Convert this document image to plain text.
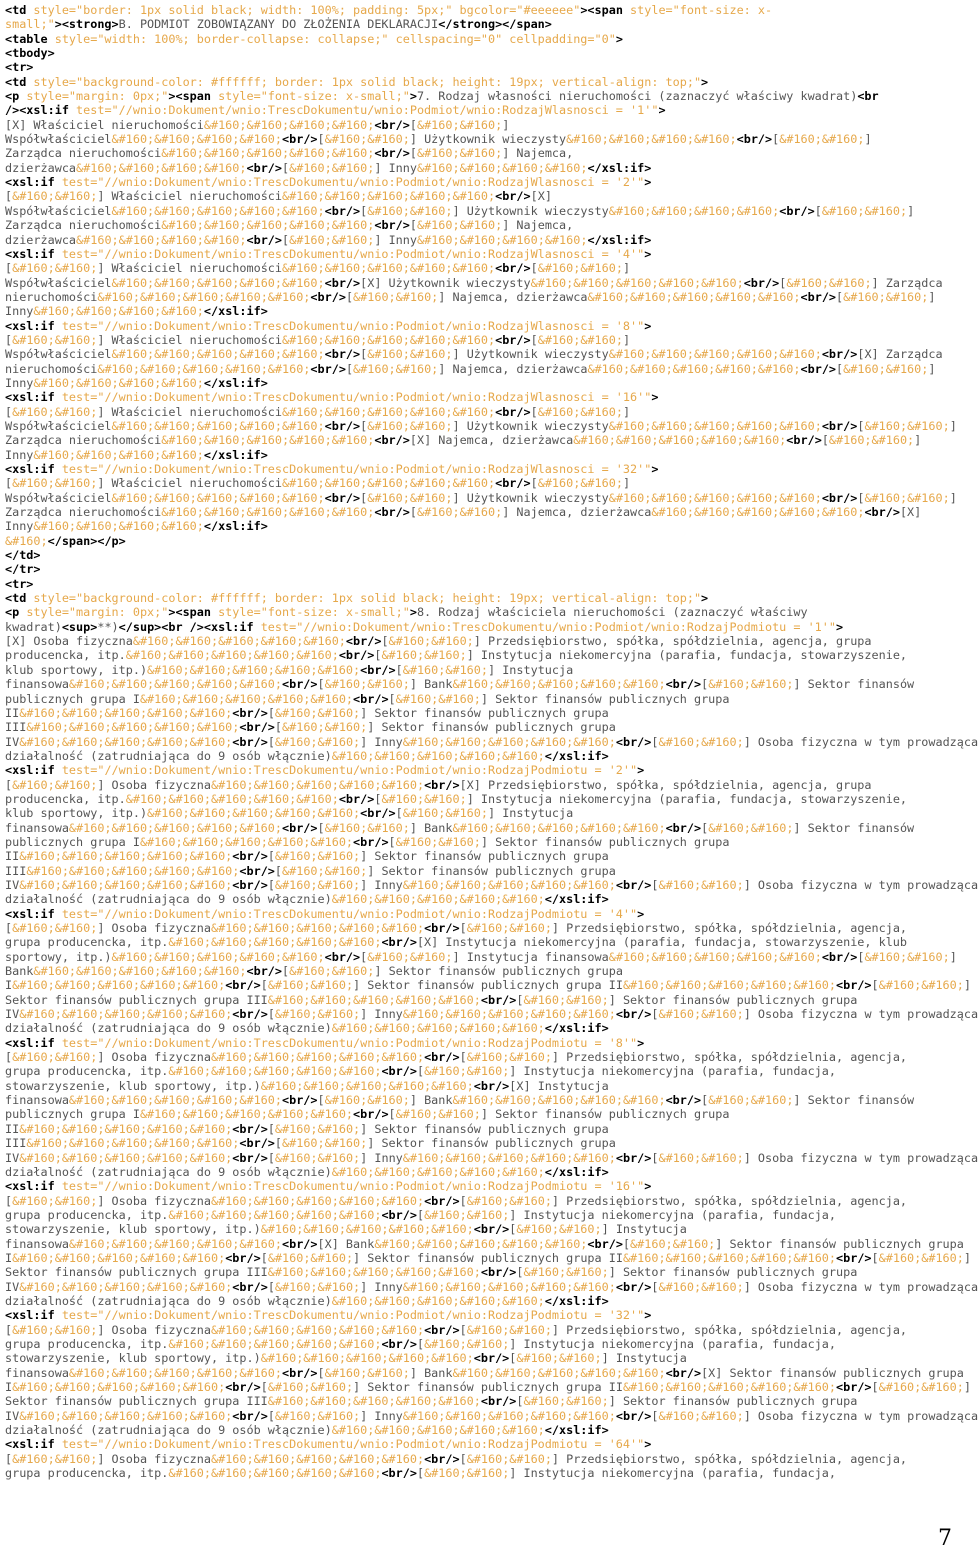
<td style="border: 1px solid black; width: 100%; padding: 5px;" bgcolor="#eeeeee"><span style="font-size: x-
small;"><strong>B. PODMIOT ZOBOWIĄZANY DO ZŁOŻENIA DEKLARACJI</strong></span>
<table style="width: 100%; border-collapse: collapse;" cellspacing="0" cellpadding="0">
<tbody>
<tr>
<td style="background-color: #ffffff; border: 1px solid black; height: 19px; vertical-align: top;">
<p style="margin: 0px;"><span style="font-size: x-small;">7. Rodzaj własności nieruchomości (zaznaczyć właściwy kwadrat)<br
/><xsl:if test="//wnio:Dokument/wnio:TrescDokumentu/wnio:Podmiot/wnio:RodzajWlasnosci = '1'">
[X] Właściciel nieruchomości&#160;&#160;&#160;&#160;<br/>[&#160;&#160;]
Współwłaściciel&#160;&#160;&#160;&#160;<br/>[&#160;&#160;] Użytkownik wieczysty&#160;&#160;&#160;&#160;<br/>[&#160;&#160;]
Zarządca nieruchomości&#160;&#160;&#160;&#160;&#160;<br/>[&#160;&#160;] Najemca,
dzierżawca&#160;&#160;&#160;&#160;<br/>[&#160;&#160;] Inny&#160;&#160;&#160;&#160;</xsl:if>
<xsl:if test="//wnio:Dokument/wnio:TrescDokumentu/wnio:Podmiot/wnio:RodzajWlasnosci = '2'">
[&#160;&#160;] Właściciel nieruchomości&#160;&#160;&#160;&#160;&#160;<br/>[X]
Współwłaściciel&#160;&#160;&#160;&#160;&#160;<br/>[&#160;&#160;] Użytkownik wieczysty&#160;&#160;&#160;&#160;<br/>[&#160;&#160;]
Zarządca nieruchomości&#160;&#160;&#160;&#160;&#160;<br/>[&#160;&#160;] Najemca,
dzierżawca&#160;&#160;&#160;&#160;<br/>[&#160;&#160;] Inny&#160;&#160;&#160;&#160;</xsl:if>
<xsl:if test="//wnio:Dokument/wnio:TrescDokumentu/wnio:Podmiot/wnio:RodzajWlasnosci = '4'">
[&#160;&#160;] Właściciel nieruchomości&#160;&#160;&#160;&#160;&#160;<br/>[&#160;&#160;]
Współwłaściciel&#160;&#160;&#160;&#160;&#160;<br/>[X] Użytkownik wieczysty&#160;&#160;&#160;&#160;&#160;<br/>[&#160;&#160;] Zarządca
nieruchomości&#160;&#160;&#160;&#160;&#160;<br/>[&#160;&#160;] Najemca, dzierżawca&#160;&#160;&#160;&#160;&#160;<br/>[&#160;&#160;]
Inny&#160;&#160;&#160;&#160;</xsl:if>
<xsl:if test="//wnio:Dokument/wnio:TrescDokumentu/wnio:Podmiot/wnio:RodzajWlasnosci = '8'">
[&#160;&#160;] Właściciel nieruchomości&#160;&#160;&#160;&#160;&#160;<br/>[&#160;&#160;]
Współwłaściciel&#160;&#160;&#160;&#160;&#160;<br/>[&#160;&#160;] Użytkownik wieczysty&#160;&#160;&#160;&#160;&#160;<br/>[X] Zarządca
nieruchomości&#160;&#160;&#160;&#160;&#160;<br/>[&#160;&#160;] Najemca, dzierżawca&#160;&#160;&#160;&#160;&#160;<br/>[&#160;&#160;]
Inny&#160;&#160;&#160;&#160;</xsl:if>
<xsl:if test="//wnio:Dokument/wnio:TrescDokumentu/wnio:Podmiot/wnio:RodzajWlasnosci = '16'">
[&#160;&#160;] Właściciel nieruchomości&#160;&#160;&#160;&#160;&#160;<br/>[&#160;&#160;]
Współwłaściciel&#160;&#160;&#160;&#160;&#160;<br/>[&#160;&#160;] Użytkownik wieczysty&#160;&#160;&#160;&#160;&#160;<br/>[&#160;&#160;]
Zarządca nieruchomości&#160;&#160;&#160;&#160;&#160;<br/>[X] Najemca, dzierżawca&#160;&#160;&#160;&#160;&#160;<br/>[&#160;&#160;]
Inny&#160;&#160;&#160;&#160;</xsl:if>
<xsl:if test="//wnio:Dokument/wnio:TrescDokumentu/wnio:Podmiot/wnio:RodzajWlasnosci = '32'">
[&#160;&#160;] Właściciel nieruchomości&#160;&#160;&#160;&#160;&#160;<br/>[&#160;&#160;]
Współwłaściciel&#160;&#160;&#160;&#160;&#160;<br/>[&#160;&#160;] Użytkownik wieczysty&#160;&#160;&#160;&#160;&#160;<br/>[&#160;&#160;]
Zarządca nieruchomości&#160;&#160;&#160;&#160;&#160;<br/>[&#160;&#160;] Najemca, dzierżawca&#160;&#160;&#160;&#160;&#160;<br/>[X]
Inny&#160;&#160;&#160;&#160;</xsl:if>
&#160;</span></p>
</td>
</tr>
<tr>
<td style="background-color: #ffffff; border: 1px solid black; height: 19px; vertical-align: top;">
<p style="margin: 0px;"><span style="font-size: x-small;">8. Rodzaj właściciela nieruchomości (zaznaczyć właściwy
kwadrat)<sup>**)</sup><br /><xsl:if test="//wnio:Dokument/wnio:TrescDokumentu/wnio:Podmiot/wnio:RodzajPodmiotu = '1'">
[X] Osoba fizyczna&#160;&#160;&#160;&#160;&#160;<br/>[&#160;&#160;] Przedsiębiorstwo, spółka, spółdzielnia, agencja, grupa
producencka, itp.&#160;&#160;&#160;&#160;&#160;<br/>[&#160;&#160;] Instytucja niekomercyjna (parafia, fundacja, stowarzyszenie,
klub sportowy, itp.)&#160;&#160;&#160;&#160;&#160;<br/>[&#160;&#160;] Instytucja
finansowa&#160;&#160;&#160;&#160;&#160;<br/>[&#160;&#160;] Bank&#160;&#160;&#160;&#160;&#160;<br/>[&#160;&#160;] Sektor finansów
publicznych grupa I&#160;&#160;&#160;&#160;&#160;<br/>[&#160;&#160;] Sektor finansów publicznych grupa
II&#160;&#160;&#160;&#160;&#160;<br/>[&#160;&#160;] Sektor finansów publicznych grupa
III&#160;&#160;&#160;&#160;&#160;<br/>[&#160;&#160;] Sektor finansów publicznych grupa
IV&#160;&#160;&#160;&#160;&#160;<br/>[&#160;&#160;] Inny&#160;&#160;&#160;&#160;&#160;<br/>[&#160;&#160;] Osoba fizyczna w tym prowadząca
działalność (zatrudniająca do 9 osób włącznie)&#160;&#160;&#160;&#160;&#160;</xsl:if>
<xsl:if test="//wnio:Dokument/wnio:TrescDokumentu/wnio:Podmiot/wnio:RodzajPodmiotu = '2'">
[&#160;&#160;] Osoba fizyczna&#160;&#160;&#160;&#160;&#160;<br/>[X] Przedsiębiorstwo, spółka, spółdzielnia, agencja, grupa
producencka, itp.&#160;&#160;&#160;&#160;&#160;<br/>[&#160;&#160;] Instytucja niekomercyjna (parafia, fundacja, stowarzyszenie,
klub sportowy, itp.)&#160;&#160;&#160;&#160;&#160;<br/>[&#160;&#160;] Instytucja
finansowa&#160;&#160;&#160;&#160;&#160;<br/>[&#160;&#160;] Bank&#160;&#160;&#160;&#160;&#160;<br/>[&#160;&#160;] Sektor finansów
publicznych grupa I&#160;&#160;&#160;&#160;&#160;<br/>[&#160;&#160;] Sektor finansów publicznych grupa
II&#160;&#160;&#160;&#160;&#160;<br/>[&#160;&#160;] Sektor finansów publicznych grupa
III&#160;&#160;&#160;&#160;&#160;<br/>[&#160;&#160;] Sektor finansów publicznych grupa
IV&#160;&#160;&#160;&#160;&#160;<br/>[&#160;&#160;] Inny&#160;&#160;&#160;&#160;&#160;<br/>[&#160;&#160;] Osoba fizyczna w tym prowadząca
działalność (zatrudniająca do 9 osób włącznie)&#160;&#160;&#160;&#160;&#160;</xsl:if>
<xsl:if test="//wnio:Dokument/wnio:TrescDokumentu/wnio:Podmiot/wnio:RodzajPodmiotu = '4'">
[&#160;&#160;] Osoba fizyczna&#160;&#160;&#160;&#160;&#160;<br/>[&#160;&#160;] Przedsiębiorstwo, spółka, spółdzielnia, agencja,
grupa producencka, itp.&#160;&#160;&#160;&#160;&#160;<br/>[X] Instytucja niekomercyjna (parafia, fundacja, stowarzyszenie, klub
sportowy, itp.)&#160;&#160;&#160;&#160;&#160;<br/>[&#160;&#160;] Instytucja finansowa&#160;&#160;&#160;&#160;&#160;<br/>[&#160;&#160;]
Bank&#160;&#160;&#160;&#160;&#160;<br/>[&#160;&#160;] Sektor finansów publicznych grupa
I&#160;&#160;&#160;&#160;&#160;<br/>[&#160;&#160;] Sektor finansów publicznych grupa II&#160;&#160;&#160;&#160;&#160;<br/>[&#160;&#160;]
Sektor finansów publicznych grupa III&#160;&#160;&#160;&#160;&#160;<br/>[&#160;&#160;] Sektor finansów publicznych grupa
IV&#160;&#160;&#160;&#160;&#160;<br/>[&#160;&#160;] Inny&#160;&#160;&#160;&#160;&#160;<br/>[&#160;&#160;] Osoba fizyczna w tym prowadząca
działalność (zatrudniająca do 9 osób włącznie)&#160;&#160;&#160;&#160;&#160;</xsl:if>
<xsl:if test="//wnio:Dokument/wnio:TrescDokumentu/wnio:Podmiot/wnio:RodzajPodmiotu = '8'">
[&#160;&#160;] Osoba fizyczna&#160;&#160;&#160;&#160;&#160;<br/>[&#160;&#160;] Przedsiębiorstwo, spółka, spółdzielnia, agencja,
grupa producencka, itp.&#160;&#160;&#160;&#160;&#160;<br/>[&#160;&#160;] Instytucja niekomercyjna (parafia, fundacja,
stowarzyszenie, klub sportowy, itp.)&#160;&#160;&#160;&#160;&#160;<br/>[X] Instytucja
finansowa&#160;&#160;&#160;&#160;&#160;<br/>[&#160;&#160;] Bank&#160;&#160;&#160;&#160;&#160;<br/>[&#160;&#160;] Sektor finansów
publicznych grupa I&#160;&#160;&#160;&#160;&#160;<br/>[&#160;&#160;] Sektor finansów publicznych grupa
II&#160;&#160;&#160;&#160;&#160;<br/>[&#160;&#160;] Sektor finansów publicznych grupa
III&#160;&#160;&#160;&#160;&#160;<br/>[&#160;&#160;] Sektor finansów publicznych grupa
IV&#160;&#160;&#160;&#160;&#160;<br/>[&#160;&#160;] Inny&#160;&#160;&#160;&#160;&#160;<br/>[&#160;&#160;] Osoba fizyczna w tym prowadząca
działalność (zatrudniająca do 9 osób włącznie)&#160;&#160;&#160;&#160;&#160;</xsl:if>
<xsl:if test="//wnio:Dokument/wnio:TrescDokumentu/wnio:Podmiot/wnio:RodzajPodmiotu = '16'">
[&#160;&#160;] Osoba fizyczna&#160;&#160;&#160;&#160;&#160;<br/>[&#160;&#160;] Przedsiębiorstwo, spółka, spółdzielnia, agencja,
grupa producencka, itp.&#160;&#160;&#160;&#160;&#160;<br/>[&#160;&#160;] Instytucja niekomercyjna (parafia, fundacja,
stowarzyszenie, klub sportowy, itp.)&#160;&#160;&#160;&#160;&#160;<br/>[&#160;&#160;] Instytucja
finansowa&#160;&#160;&#160;&#160;&#160;<br/>[X] Bank&#160;&#160;&#160;&#160;&#160;<br/>[&#160;&#160;] Sektor finansów publicznych grupa
I&#160;&#160;&#160;&#160;&#160;<br/>[&#160;&#160;] Sektor finansów publicznych grupa II&#160;&#160;&#160;&#160;&#160;<br/>[&#160;&#160;]
Sektor finansów publicznych grupa III&#160;&#160;&#160;&#160;&#160;<br/>[&#160;&#160;] Sektor finansów publicznych grupa
IV&#160;&#160;&#160;&#160;&#160;<br/>[&#160;&#160;] Inny&#160;&#160;&#160;&#160;&#160;<br/>[&#160;&#160;] Osoba fizyczna w tym prowadząca
działalność (zatrudniająca do 9 osób włącznie)&#160;&#160;&#160;&#160;&#160;</xsl:if>
<xsl:if test="//wnio:Dokument/wnio:TrescDokumentu/wnio:Podmiot/wnio:RodzajPodmiotu = '32'">
[&#160;&#160;] Osoba fizyczna&#160;&#160;&#160;&#160;&#160;<br/>[&#160;&#160;] Przedsiębiorstwo, spółka, spółdzielnia, agencja,
grupa producencka, itp.&#160;&#160;&#160;&#160;&#160;<br/>[&#160;&#160;] Instytucja niekomercyjna (parafia, fundacja,
stowarzyszenie, klub sportowy, itp.)&#160;&#160;&#160;&#160;&#160;<br/>[&#160;&#160;] Instytucja
finansowa&#160;&#160;&#160;&#160;&#160;<br/>[&#160;&#160;] Bank&#160;&#160;&#160;&#160;&#160;<br/>[X] Sektor finansów publicznych grupa
I&#160;&#160;&#160;&#160;&#160;<br/>[&#160;&#160;] Sektor finansów publicznych grupa II&#160;&#160;&#160;&#160;&#160;<br/>[&#160;&#160;]
Sektor finansów publicznych grupa III&#160;&#160;&#160;&#160;&#160;<br/>[&#160;&#160;] Sektor finansów publicznych grupa
IV&#160;&#160;&#160;&#160;&#160;<br/>[&#160;&#160;] Inny&#160;&#160;&#160;&#160;&#160;<br/>[&#160;&#160;] Osoba fizyczna w tym prowadząca
działalność (zatrudniająca do 9 osób włącznie)&#160;&#160;&#160;&#160;&#160;</xsl:if>
<xsl:if test="//wnio:Dokument/wnio:TrescDokumentu/wnio:Podmiot/wnio:RodzajPodmiotu = '64'">
[&#160;&#160;] Osoba fizyczna&#160;&#160;&#160;&#160;&#160;<br/>[&#160;&#160;] Przedsiębiorstwo, spółka, spółdzielnia, agencja,
grupa producencka, itp.&#160;&#160;&#160;&#160;&#160;<br/>[&#160;&#160;] Instytucja niekomercyjna (parafia, fundacja,
7
